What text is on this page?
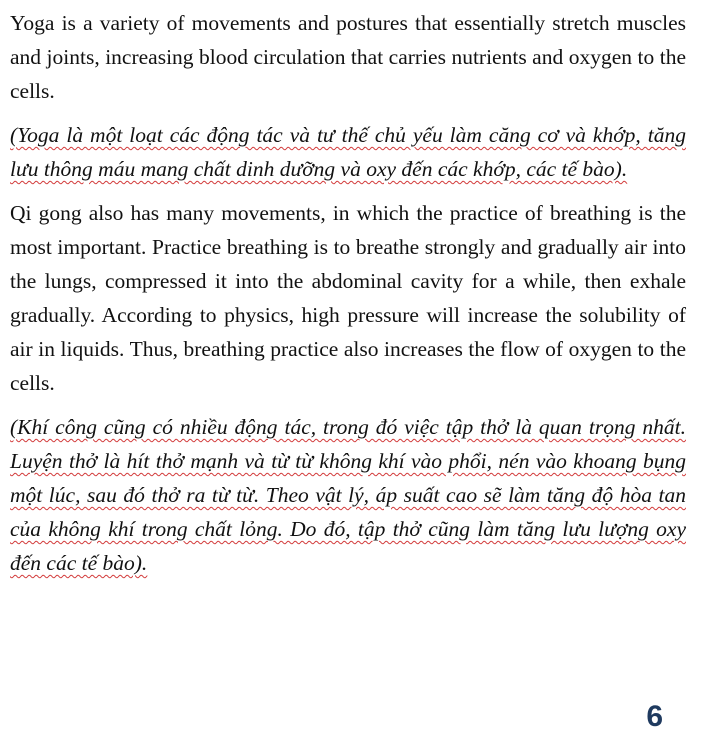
Yoga is a variety of movements and postures that essentially stretch muscles and joints, increasing blood circulation that carries nutrients and oxygen to the cells.

(Yoga là một loạt các động tác và tư thế chủ yếu làm căng cơ và khớp, tăng lưu thông máu mang chất dinh dưỡng và oxy đến các khớp, các tế bào).

Qi gong also has many movements, in which the practice of breathing is the most important. Practice breathing is to breathe strongly and gradually air into the lungs, compressed it into the abdominal cavity for a while, then exhale gradually. According to physics, high pressure will increase the solubility of air in liquids. Thus, breathing practice also increases the flow of oxygen to the cells.

(Khí công cũng có nhiều động tác, trong đó việc tập thở là quan trọng nhất. Luyện thở là hít thở mạnh và từ từ không khí vào phổi, nén vào khoang bụng một lúc, sau đó thở ra từ từ. Theo vật lý, áp suất cao sẽ làm tăng độ hòa tan của không khí trong chất lỏng. Do đó, tập thở cũng làm tăng lưu lượng oxy đến các tế bào).

6
